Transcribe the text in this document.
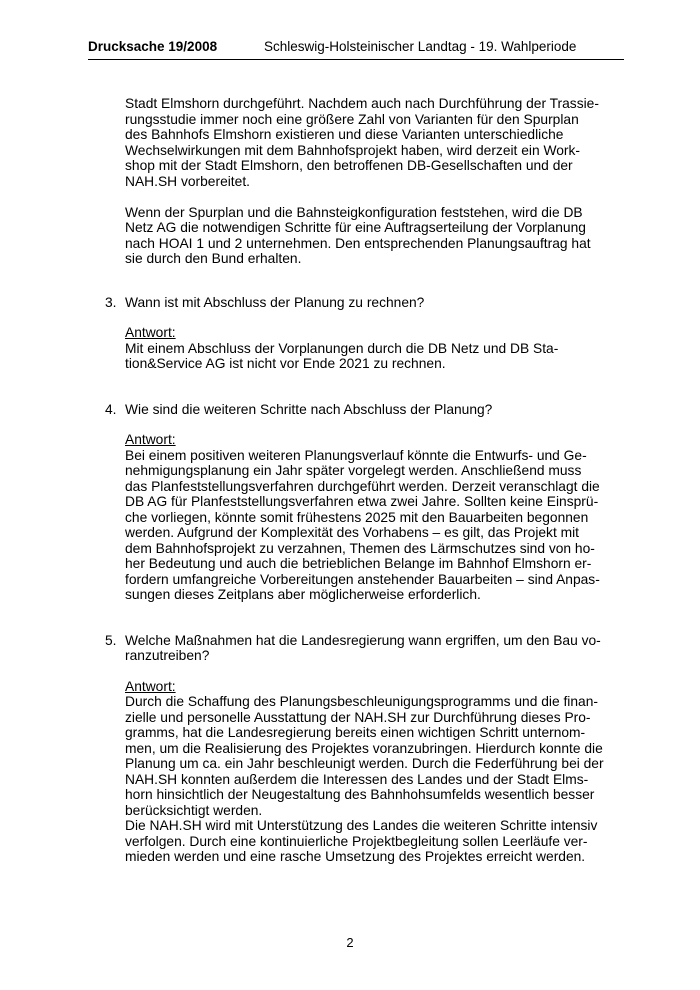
Drucksache 19/2008	Schleswig-Holsteinischer Landtag - 19. Wahlperiode

Stadt Elmshorn durchgeführt. Nachdem auch nach Durchführung der Trassie-

rungsstudie immer noch eine größere Zahl von Varianten für den Spurplan

des Bahnhofs Elmshorn existieren und diese Varianten unterschiedliche

Wechselwirkungen mit dem Bahnhofsprojekt haben, wird derzeit ein Work-

shop mit der Stadt Elmshorn, den betroffenen DB-Gesellschaften und der

NAH.SH vorbereitet.

Wenn der Spurplan und die Bahnsteigkonfiguration feststehen, wird die DB

Netz AG die notwendigen Schritte für eine Auftragserteilung der Vorplanung

nach HOAI 1 und 2 unternehmen. Den entsprechenden Planungsauftrag hat

sie durch den Bund erhalten.

3. Wann ist mit Abschluss der Planung zu rechnen?
Antwort:

Mit einem Abschluss der Vorplanungen durch die DB Netz und DB Sta-

tion&Service AG ist nicht vor Ende 2021 zu rechnen.

4. Wie sind die weiteren Schritte nach Abschluss der Planung?
Antwort:

Bei einem positiven weiteren Planungsverlauf könnte die Entwurfs- und Ge-

nehmigungsplanung ein Jahr später vorgelegt werden. Anschließend muss

das Planfeststellungsverfahren durchgeführt werden. Derzeit veranschlagt die

DB AG für Planfeststellungsverfahren etwa zwei Jahre. Sollten keine Einsprü-

che vorliegen, könnte somit frühestens 2025 mit den Bauarbeiten begonnen

werden. Aufgrund der Komplexität des Vorhabens – es gilt, das Projekt mit

dem Bahnhofsprojekt zu verzahnen, Themen des Lärmschutzes sind von ho-

her Bedeutung und auch die betrieblichen Belange im Bahnhof Elmshorn er-

fordern umfangreiche Vorbereitungen anstehender Bauarbeiten – sind Anpas-

sungen dieses Zeitplans aber möglicherweise erforderlich.

5. Welche Maßnahmen hat die Landesregierung wann ergriffen, um den Bau vo-
ranzutreiben?
Antwort:

Durch die Schaffung des Planungsbeschleunigungsprogramms und die finan-

zielle und personelle Ausstattung der NAH.SH zur Durchführung dieses Pro-

gramms, hat die Landesregierung bereits einen wichtigen Schritt unternom-

men, um die Realisierung des Projektes voranzubringen. Hierdurch konnte die

Planung um ca. ein Jahr beschleunigt werden. Durch die Federführung bei der

NAH.SH konnten außerdem die Interessen des Landes und der Stadt Elms-

horn hinsichtlich der Neugestaltung des Bahnhohsumfelds wesentlich besser

berücksichtigt werden.

Die NAH.SH wird mit Unterstützung des Landes die weiteren Schritte intensiv

verfolgen. Durch eine kontinuierliche Projektbegleitung sollen Leerläufe ver-

mieden werden und eine rasche Umsetzung des Projektes erreicht werden.

2
